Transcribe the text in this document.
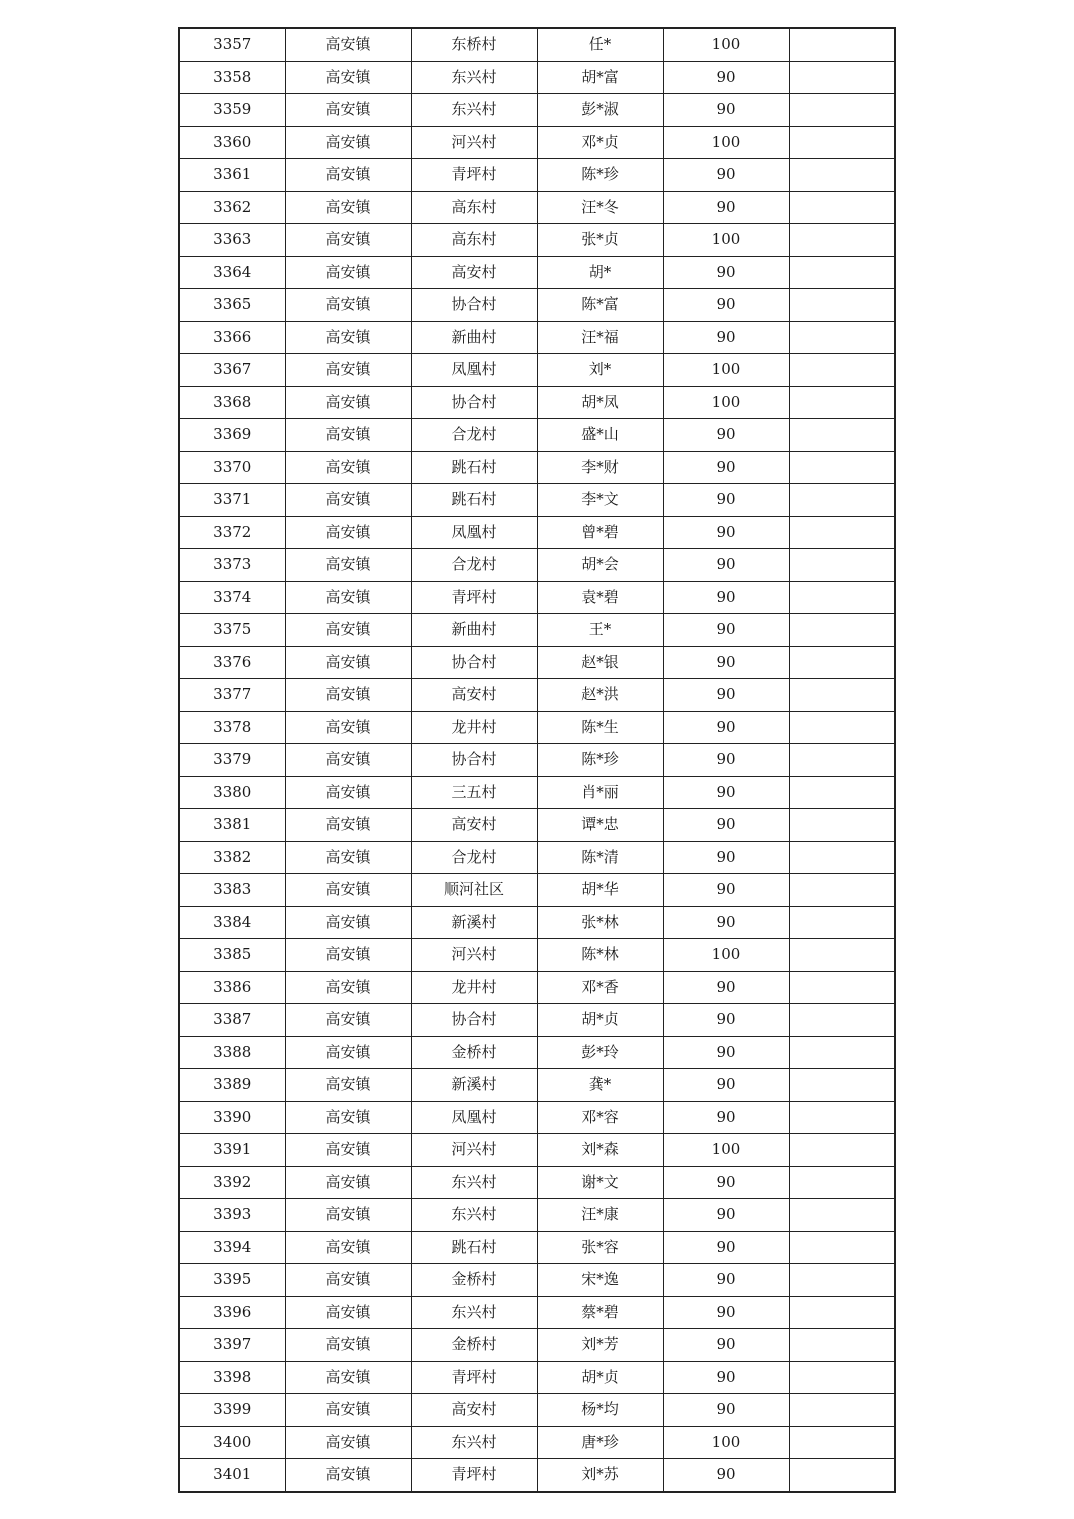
3357	高安镇	东桥村	任*	100	
3358	高安镇	东兴村	胡*富	90	
3359	高安镇	东兴村	彭*淑	90	
3360	高安镇	河兴村	邓*贞	100	
3361	高安镇	青坪村	陈*珍	90	
3362	高安镇	高东村	汪*冬	90	
3363	高安镇	高东村	张*贞	100	
3364	高安镇	高安村	胡*	90	
3365	高安镇	协合村	陈*富	90	
3366	高安镇	新曲村	汪*福	90	
3367	高安镇	凤凰村	刘*	100	
3368	高安镇	协合村	胡*凤	100	
3369	高安镇	合龙村	盛*山	90	
3370	高安镇	跳石村	李*财	90	
3371	高安镇	跳石村	李*文	90	
3372	高安镇	凤凰村	曾*碧	90	
3373	高安镇	合龙村	胡*会	90	
3374	高安镇	青坪村	袁*碧	90	
3375	高安镇	新曲村	王*	90	
3376	高安镇	协合村	赵*银	90	
3377	高安镇	高安村	赵*洪	90	
3378	高安镇	龙井村	陈*生	90	
3379	高安镇	协合村	陈*珍	90	
3380	高安镇	三五村	肖*丽	90	
3381	高安镇	高安村	谭*忠	90	
3382	高安镇	合龙村	陈*清	90	
3383	高安镇	顺河社区	胡*华	90	
3384	高安镇	新溪村	张*林	90	
3385	高安镇	河兴村	陈*林	100	
3386	高安镇	龙井村	邓*香	90	
3387	高安镇	协合村	胡*贞	90	
3388	高安镇	金桥村	彭*玲	90	
3389	高安镇	新溪村	龚*	90	
3390	高安镇	凤凰村	邓*容	90	
3391	高安镇	河兴村	刘*森	100	
3392	高安镇	东兴村	谢*文	90	
3393	高安镇	东兴村	汪*康	90	
3394	高安镇	跳石村	张*容	90	
3395	高安镇	金桥村	宋*逸	90	
3396	高安镇	东兴村	蔡*碧	90	
3397	高安镇	金桥村	刘*芳	90	
3398	高安镇	青坪村	胡*贞	90	
3399	高安镇	高安村	杨*均	90	
3400	高安镇	东兴村	唐*珍	100	
3401	高安镇	青坪村	刘*苏	90	
